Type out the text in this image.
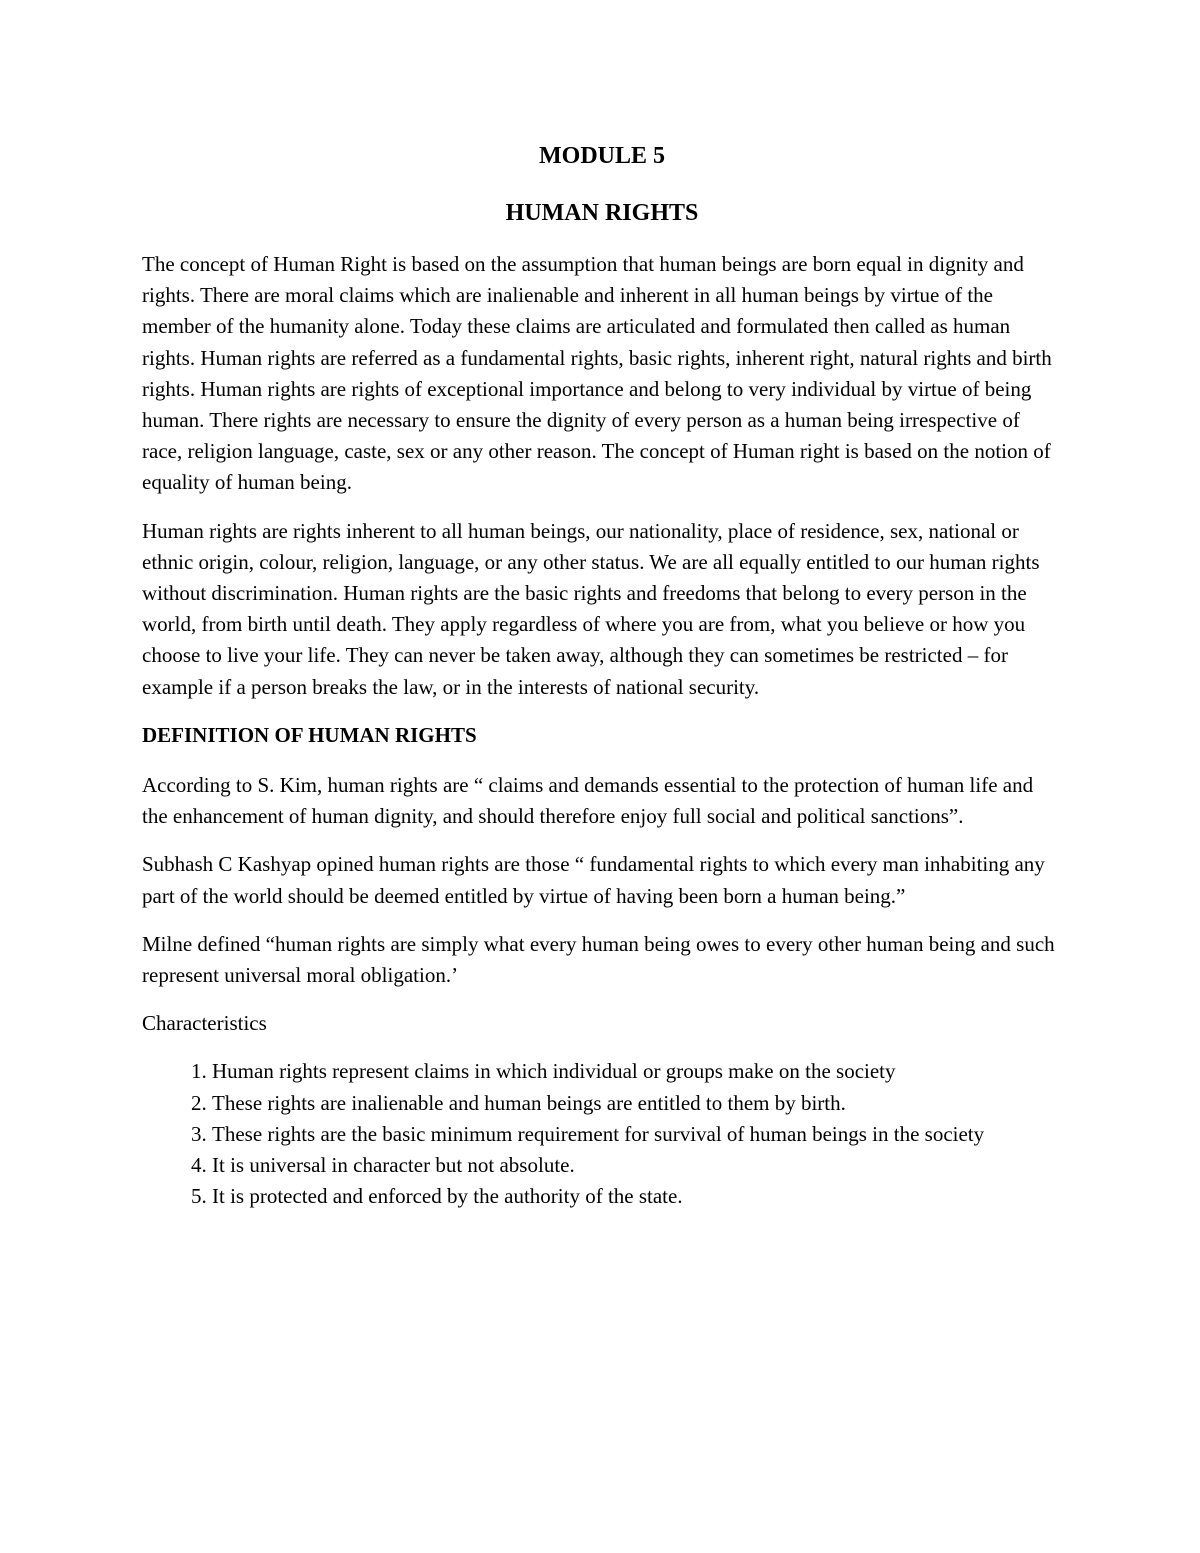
MODULE 5
HUMAN RIGHTS

The concept of Human Right is based on the assumption that human beings are born equal in dignity and rights. There are moral claims which are inalienable and inherent in all human beings by virtue of the member of the humanity alone. Today these claims are articulated and formulated then called as human rights. Human rights are referred as a fundamental rights, basic rights, inherent right, natural rights and birth rights. Human rights are rights of exceptional importance and belong to very individual by virtue of being human. There rights are necessary to ensure the dignity of every person as a human being irrespective of race, religion language, caste, sex or any other reason. The concept of Human right is based on the notion of equality of human being.

Human rights are rights inherent to all human beings, our nationality, place of residence, sex, national or ethnic origin, colour, religion, language, or any other status. We are all equally entitled to our human rights without discrimination. Human rights are the basic rights and freedoms that belong to every person in the world, from birth until death. They apply regardless of where you are from, what you believe or how you choose to live your life. They can never be taken away, although they can sometimes be restricted – for example if a person breaks the law, or in the interests of national security.

DEFINITION OF HUMAN RIGHTS

According to S. Kim, human rights are “ claims and demands essential to the protection of human life and the enhancement of human dignity, and should therefore enjoy full social and political sanctions”.

Subhash C Kashyap opined human rights are those “ fundamental rights to which every man inhabiting any part of the world should be deemed entitled by virtue of having been born a human being.”

Milne defined “human rights are simply what every human being owes to every other human being and such represent universal moral obligation.’

Characteristics

1. Human rights represent claims in which individual or groups make on the society
2. These rights are inalienable and human beings are entitled to them by birth.
3. These rights are the basic minimum requirement for survival of human beings in the society
4. It is universal in character but not absolute.
5. It is protected and enforced by the authority of the state.
